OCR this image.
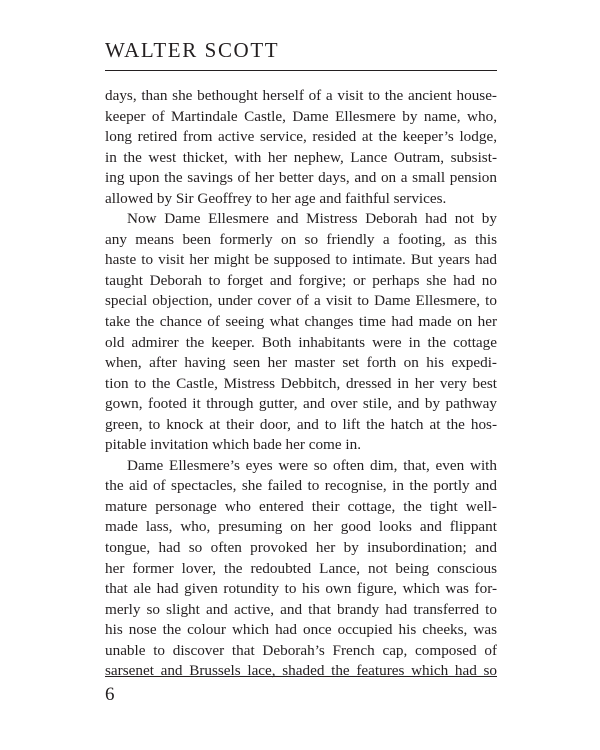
WALTER SCOTT
days, than she bethought herself of a visit to the ancient house-
keeper of Martindale Castle, Dame Ellesmere by name, who,
long retired from active service, resided at the keeper’s lodge,
in the west thicket, with her nephew, Lance Outram, subsist-
ing upon the savings of her better days, and on a small pension
allowed by Sir Geoffrey to her age and faithful services.
Now Dame Ellesmere and Mistress Deborah had not by
any means been formerly on so friendly a footing, as this
haste to visit her might be supposed to intimate. But years had
taught Deborah to forget and forgive; or perhaps she had no
special objection, under cover of a visit to Dame Ellesmere, to
take the chance of seeing what changes time had made on her
old admirer the keeper. Both inhabitants were in the cottage
when, after having seen her master set forth on his expedi-
tion to the Castle, Mistress Debbitch, dressed in her very best
gown, footed it through gutter, and over stile, and by pathway
green, to knock at their door, and to lift the hatch at the hos-
pitable invitation which bade her come in.
Dame Ellesmere’s eyes were so often dim, that, even with
the aid of spectacles, she failed to recognise, in the portly and
mature personage who entered their cottage, the tight well-
made lass, who, presuming on her good looks and flippant
tongue, had so often provoked her by insubordination; and
her former lover, the redoubted Lance, not being conscious
that ale had given rotundity to his own figure, which was for-
merly so slight and active, and that brandy had transferred to
his nose the colour which had once occupied his cheeks, was
unable to discover that Deborah’s French cap, composed of
sarsenet and Brussels lace, shaded the features which had so
6
